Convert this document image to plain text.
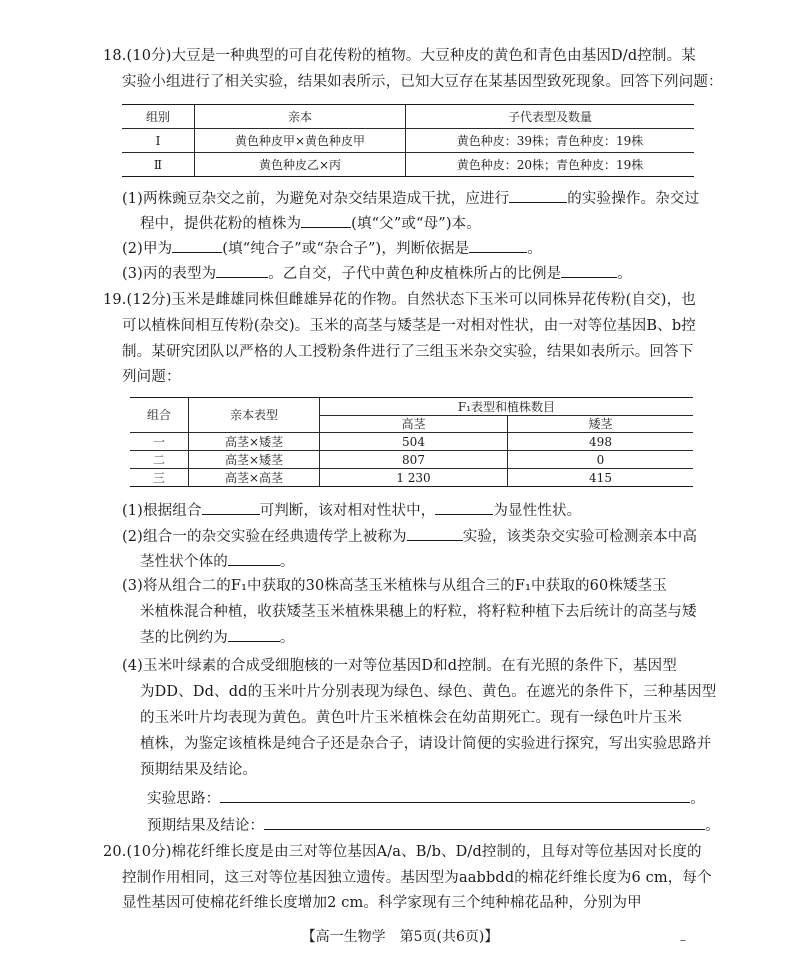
18.(10分)大豆是一种典型的可自花传粉的植物。大豆种皮的黄色和青色由基因D/d控制。某
实验小组进行了相关实验，结果如表所示，已知大豆存在某基因型致死现象。回答下列问题：
组别	亲本	子代表型及数量
Ⅰ	黄色种皮甲×黄色种皮甲	黄色种皮：39株；青色种皮：19株
Ⅱ	黄色种皮乙×丙	黄色种皮：20株；青色种皮：19株
(1)两株豌豆杂交之前，为避免对杂交结果造成干扰，应进行	的实验操作。杂交过
程中，提供花粉的植株为	(填“父”或“母”)本。
(2)甲为	(填“纯合子”或“杂合子”)，判断依据是	。
(3)丙的表型为	。乙自交，子代中黄色种皮植株所占的比例是	。
19.(12分)玉米是雌雄同株但雌雄异花的作物。自然状态下玉米可以同株异花传粉(自交)，也
可以植株间相互传粉(杂交)。玉米的高茎与矮茎是一对相对性状，由一对等位基因B、b控
制。某研究团队以严格的人工授粉条件进行了三组玉米杂交实验，结果如表所示。回答下
列问题：
组合	亲本表型	F₁表型和植株数目	
		高茎	矮茎
一	高茎×矮茎	504	498
二	高茎×矮茎	807	0
三	高茎×高茎	1 230	415
(1)根据组合	可判断，该对相对性状中，	为显性性状。
(2)组合一的杂交实验在经典遗传学上被称为	实验，该类杂交实验可检测亲本中高
茎性状个体的	。
(3)将从组合二的F₁中获取的30株高茎玉米植株与从组合三的F₁中获取的60株矮茎玉
米植株混合种植，收获矮茎玉米植株果穗上的籽粒，将籽粒种植下去后统计的高茎与矮
茎的比例约为	。
(4)玉米叶绿素的合成受细胞核的一对等位基因D和d控制。在有光照的条件下，基因型
为DD、Dd、dd的玉米叶片分别表现为绿色、绿色、黄色。在遮光的条件下，三种基因型
的玉米叶片均表现为黄色。黄色叶片玉米植株会在幼苗期死亡。现有一绿色叶片玉米
植株，为鉴定该植株是纯合子还是杂合子，请设计简便的实验进行探究，写出实验思路并
预期结果及结论。
实验思路：	。
预期结果及结论：	。
20.(10分)棉花纤维长度是由三对等位基因A/a、B/b、D/d控制的，且每对等位基因对长度的
控制作用相同，这三对等位基因独立遗传。基因型为aabbdd的棉花纤维长度为6 cm，每个
显性基因可使棉花纤维长度增加2 cm。科学家现有三个纯种棉花品种，分别为甲
【高一生物学　第5页(共6页)】	–
